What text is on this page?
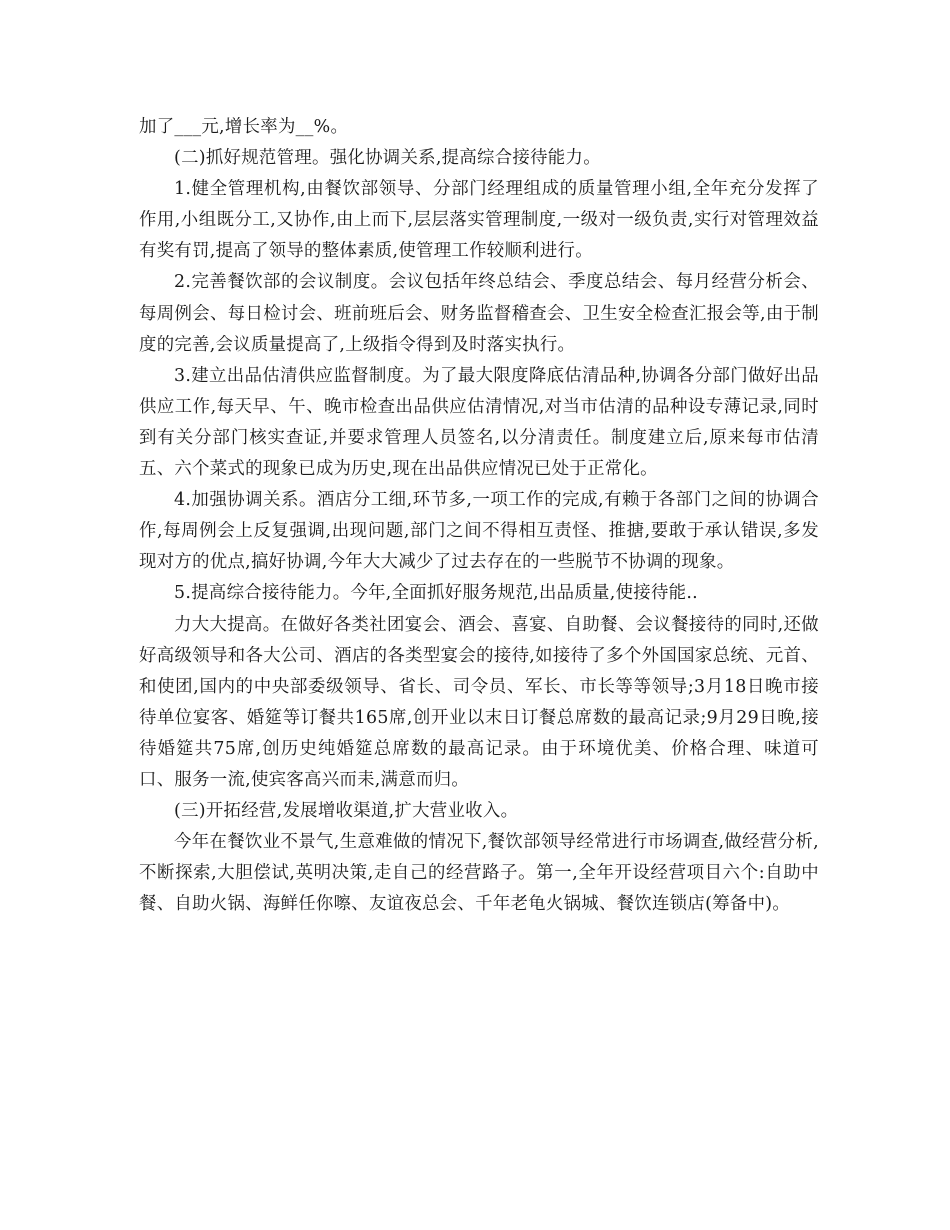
加了___元,增长率为__%。

(二)抓好规范管理。强化协调关系,提高综合接待能力。

1.健全管理机构,由餐饮部领导、分部门经理组成的质量管理小组,全年充分发挥了作用,小组既分工,又协作,由上而下,层层落实管理制度,一级对一级负责,实行对管理效益有奖有罚,提高了领导的整体素质,使管理工作较顺利进行。

2.完善餐饮部的会议制度。会议包括年终总结会、季度总结会、每月经营分析会、每周例会、每日检讨会、班前班后会、财务监督稽查会、卫生安全检查汇报会等,由于制度的完善,会议质量提高了,上级指令得到及时落实执行。

3.建立出品估清供应监督制度。为了最大限度降底估清品种,协调各分部门做好出品供应工作,每天早、午、晚市检查出品供应估清情况,对当市估清的品种设专薄记录,同时到有关分部门核实查证,并要求管理人员签名,以分清责任。制度建立后,原来每市估清五、六个菜式的现象已成为历史,现在出品供应情况已处于正常化。

4.加强协调关系。酒店分工细,环节多,一项工作的完成,有赖于各部门之间的协调合作,每周例会上反复强调,出现问题,部门之间不得相互责怪、推搪,要敢于承认错误,多发现对方的优点,搞好协调,今年大大减少了过去存在的一些脱节不协调的现象。

5.提高综合接待能力。今年,全面抓好服务规范,出品质量,使接待能..

力大大提高。在做好各类社团宴会、酒会、喜宴、自助餐、会议餐接待的同时,还做好高级领导和各大公司、酒店的各类型宴会的接待,如接待了多个外国国家总统、元首、和使团,国内的中央部委级领导、省长、司令员、军长、市长等等领导;3月18日晚市接待单位宴客、婚筵等订餐共165席,创开业以末日订餐总席数的最高记录;9月29日晚,接待婚筵共75席,创历史纯婚筵总席数的最高记录。由于环境优美、价格合理、味道可口、服务一流,使宾客高兴而耒,满意而归。

(三)开拓经营,发展增收渠道,扩大营业收入。

今年在餐饮业不景气,生意难做的情况下,餐饮部领导经常进行市场调查,做经营分析,不断探索,大胆偿试,英明决策,走自己的经营路子。第一,全年开设经营项目六个:自助中餐、自助火锅、海鲜任你嚓、友谊夜总会、千年老龟火锅城、餐饮连锁店(筹备中)。
